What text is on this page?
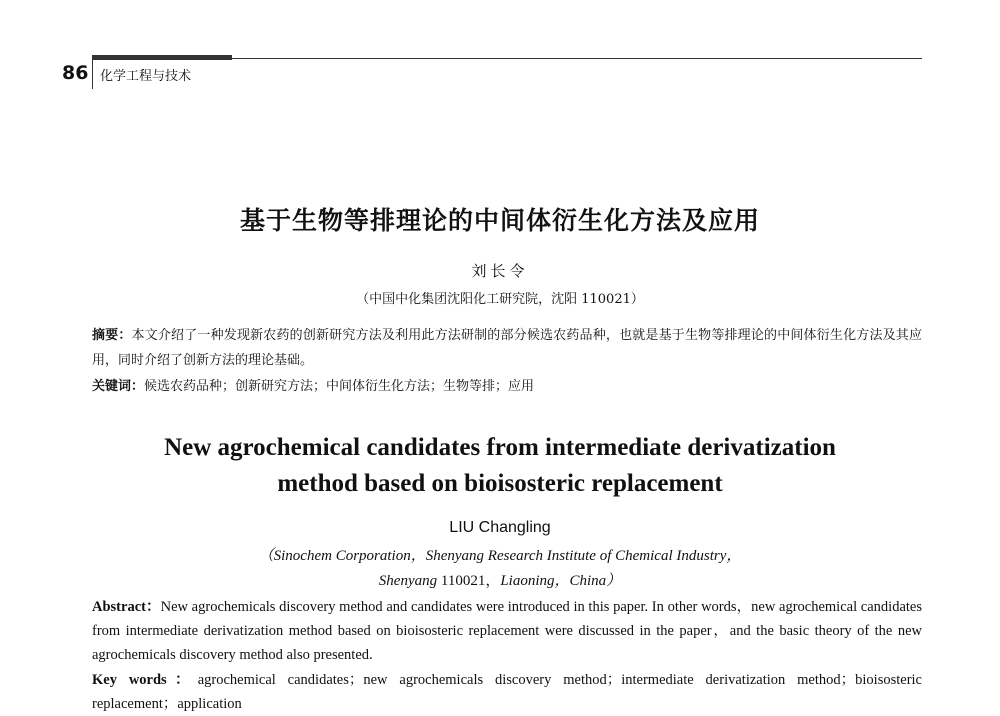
86 化学工程与技术
基于生物等排理论的中间体衍生化方法及应用
刘长令
（中国中化集团沈阳化工研究院，沈阳 110021）
摘要：本文介绍了一种发现新农药的创新研究方法及利用此方法研制的部分候选农药品种，也就是基于生物等排理论的中间体衍生化方法及其应用，同时介绍了创新方法的理论基础。
关键词：候选农药品种；创新研究方法；中间体衍生化方法；生物等排；应用
New agrochemical candidates from intermediate derivatization
method based on bioisosteric replacement
LIU Changling
（Sinochem Corporation，Shenyang Research Institute of Chemical Industry，
Shenyang 110021，Liaoning，China）
Abstract：New agrochemicals discovery method and candidates were introduced in this paper. In other words，new agrochemical candidates from intermediate derivatization method based on bioisosteric replacement were discussed in the paper，and the basic theory of the new agrochemicals discovery method also presented.
Key words：agrochemical candidates；new agrochemicals discovery method；intermediate derivatization method；bioisosteric replacement；application
